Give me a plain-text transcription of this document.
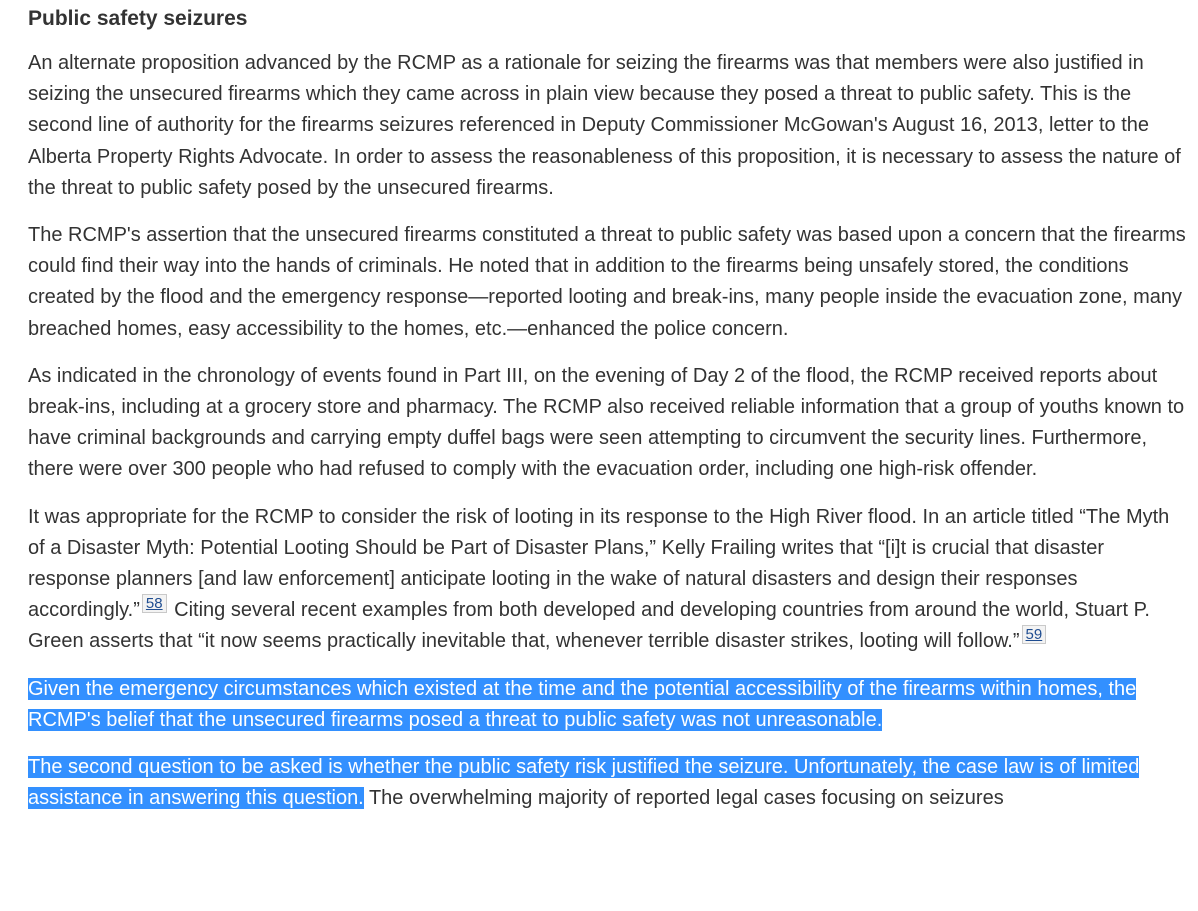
Public safety seizures

An alternate proposition advanced by the RCMP as a rationale for seizing the firearms was that members were also justified in seizing the unsecured firearms which they came across in plain view because they posed a threat to public safety. This is the second line of authority for the firearms seizures referenced in Deputy Commissioner McGowan's August 16, 2013, letter to the Alberta Property Rights Advocate. In order to assess the reasonableness of this proposition, it is necessary to assess the nature of the threat to public safety posed by the unsecured firearms.

The RCMP's assertion that the unsecured firearms constituted a threat to public safety was based upon a concern that the firearms could find their way into the hands of criminals. He noted that in addition to the firearms being unsafely stored, the conditions created by the flood and the emergency response—reported looting and break-ins, many people inside the evacuation zone, many breached homes, easy accessibility to the homes, etc.—enhanced the police concern.

As indicated in the chronology of events found in Part III, on the evening of Day 2 of the flood, the RCMP received reports about break-ins, including at a grocery store and pharmacy. The RCMP also received reliable information that a group of youths known to have criminal backgrounds and carrying empty duffel bags were seen attempting to circumvent the security lines. Furthermore, there were over 300 people who had refused to comply with the evacuation order, including one high-risk offender.

It was appropriate for the RCMP to consider the risk of looting in its response to the High River flood. In an article titled “The Myth of a Disaster Myth: Potential Looting Should be Part of Disaster Plans,” Kelly Frailing writes that “[i]t is crucial that disaster response planners [and law enforcement] anticipate looting in the wake of natural disasters and design their responses accordingly.” $^{58}$ Citing several recent examples from both developed and developing countries from around the world, Stuart P. Green asserts that “it now seems practically inevitable that, whenever terrible disaster strikes, looting will follow.” $^{59}$

Given the emergency circumstances which existed at the time and the potential accessibility of the firearms within homes, the RCMP's belief that the unsecured firearms posed a threat to public safety was not unreasonable.

The second question to be asked is whether the public safety risk justified the seizure. Unfortunately, the case law is of limited assistance in answering this question. The overwhelming majority of reported legal cases focusing on seizures
